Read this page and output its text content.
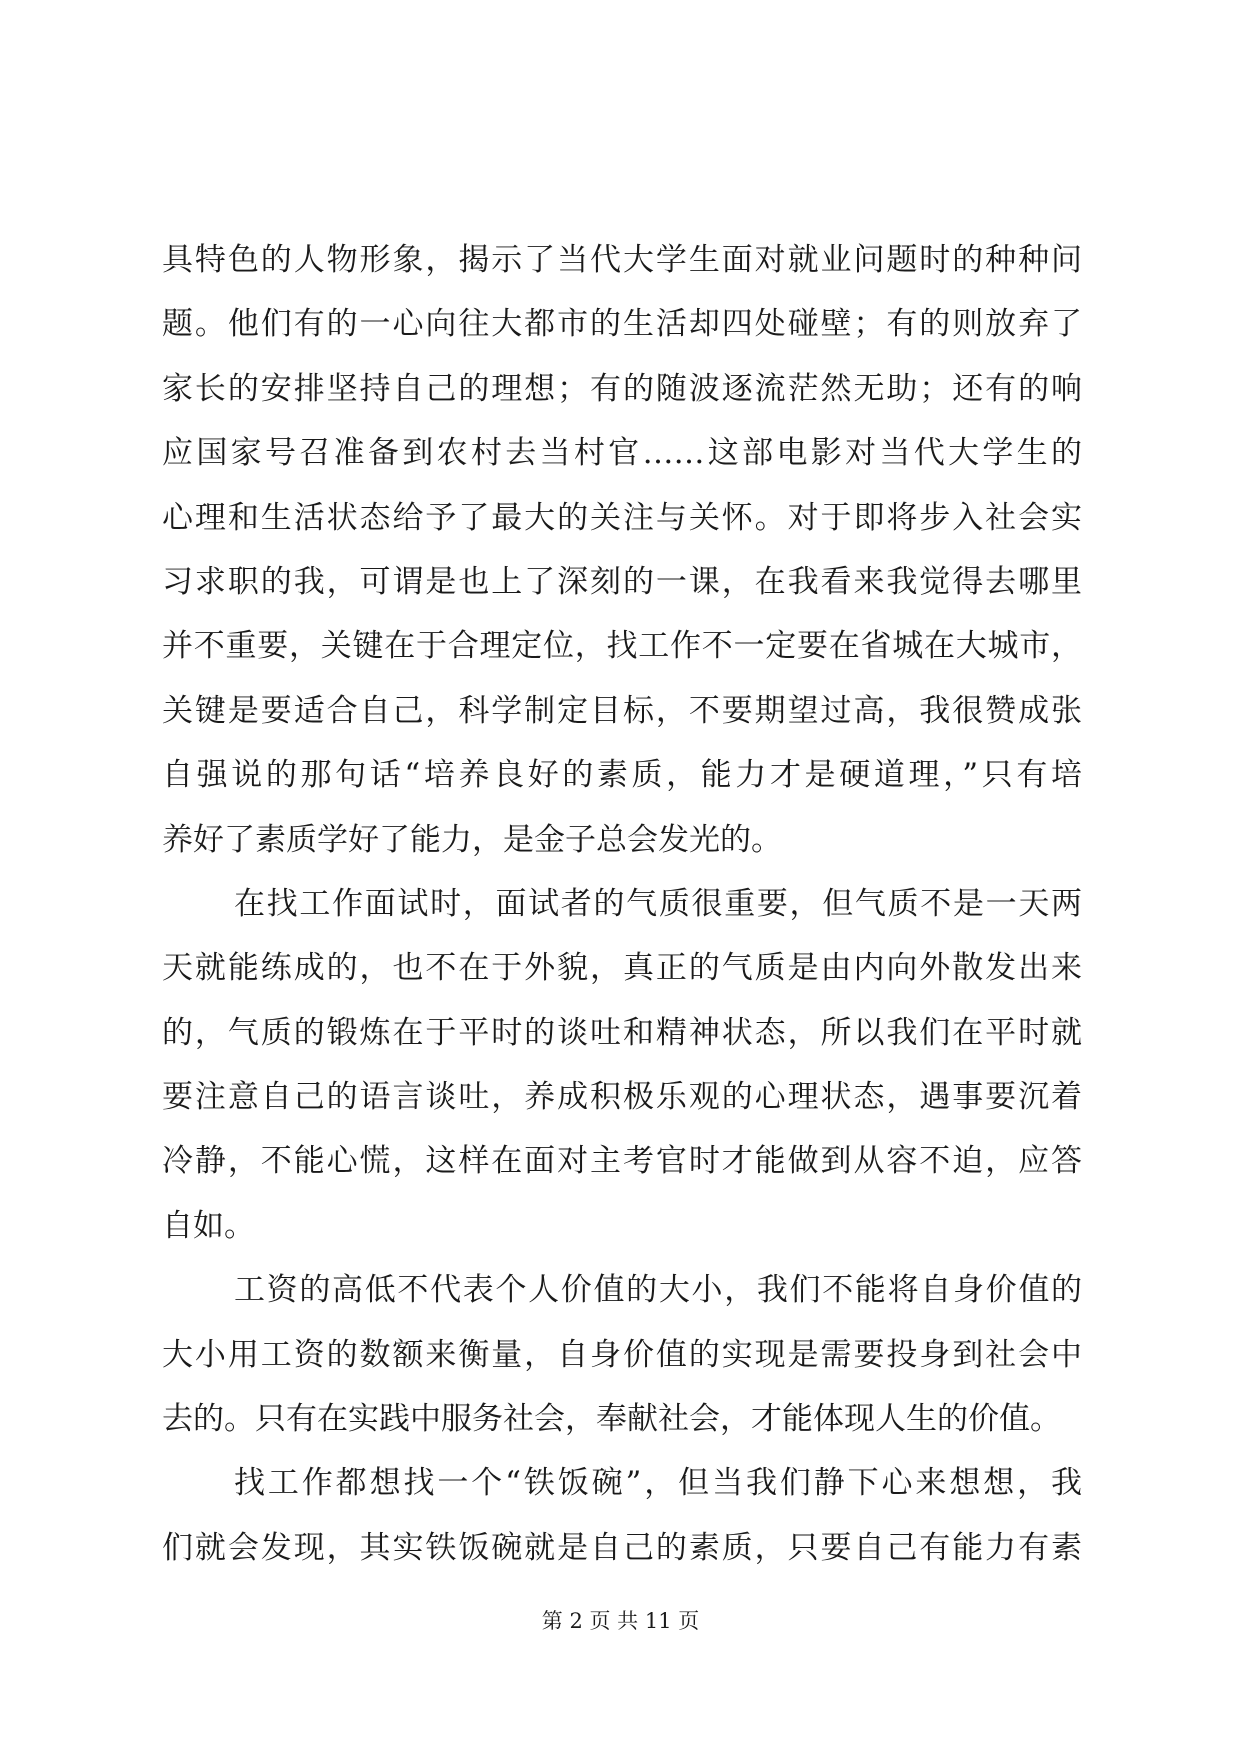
具特色的人物形象，揭示了当代大学生面对就业问题时的种种问
题。他们有的一心向往大都市的生活却四处碰壁；有的则放弃了
家长的安排坚持自己的理想；有的随波逐流茫然无助；还有的响
应国家号召准备到农村去当村官……这部电影对当代大学生的
心理和生活状态给予了最大的关注与关怀。对于即将步入社会实
习求职的我，可谓是也上了深刻的一课，在我看来我觉得去哪里
并不重要，关键在于合理定位，找工作不一定要在省城在大城市，
关键是要适合自己，科学制定目标，不要期望过高，我很赞成张
自强说的那句话“培养良好的素质，能力才是硬道理，”只有培
养好了素质学好了能力，是金子总会发光的。
在找工作面试时，面试者的气质很重要，但气质不是一天两
天就能练成的，也不在于外貌，真正的气质是由内向外散发出来
的，气质的锻炼在于平时的谈吐和精神状态，所以我们在平时就
要注意自己的语言谈吐，养成积极乐观的心理状态，遇事要沉着
冷静，不能心慌，这样在面对主考官时才能做到从容不迫，应答
自如。
工资的高低不代表个人价值的大小，我们不能将自身价值的
大小用工资的数额来衡量，自身价值的实现是需要投身到社会中
去的。只有在实践中服务社会，奉献社会，才能体现人生的价值。
找工作都想找一个“铁饭碗”，但当我们静下心来想想，我
们就会发现，其实铁饭碗就是自己的素质，只要自己有能力有素
第 2 页 共 11 页
